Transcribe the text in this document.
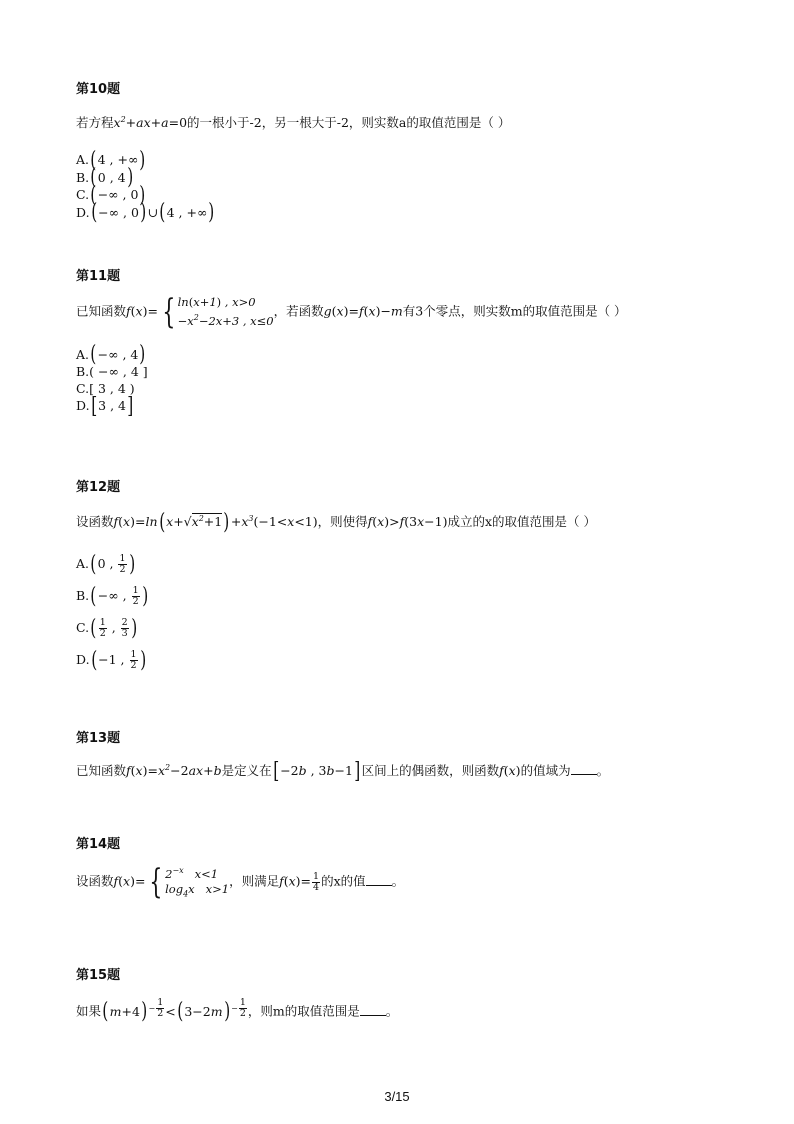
第10题
若方程$x^2+ax+a=0$的一根小于-2，另一根大于-2，则实数a的取值范围是（ ）
A.(4 , +∞)
B.(0 , 4)
C.(−∞ , 0)
D.(−∞ , 0)∪(4 , +∞)
第11题
已知函数f(x)= { ln(x+1) , x>0
$-x^2-2x+3$ , x≤0，若函数g(x)=f(x)−m有3个零点，则实数m的取值范围是（ ）
A.(−∞ , 4)
B.( −∞ , 4 ]
C.[ 3 , 4 )
D.[3 , 4]
第12题
设函数$f(x)=\ln(x+√x^2+1)+x^3(-1<x<1)$，则使得f(x)>f(3x−1)成立的x的取值范围是（ ）
A.(0 , $\frac{1}{2}$ )
B.(−∞ , $\frac{1}{2}$ )
$C.( \frac{1}{2}$ , $\frac{2}{3}$ )
D.(−1 , $\frac{1}{2}$ )
第13题
已知函数$f(x)=x^2-2ax+b$是定义在[−2b , 3b−1]区间上的偶函数，则函数f(x)的值域为 。
第14题
设函数f(x)= { $2^{-x}$   x<1
$\log_4x$   x>1，则满足$f(x)= \frac{1}{4}$ 的x的值 。
第15题
如果$(m+4)^{- \frac{1}{2}} <(3-2m)^{- \frac{1}{2}}$ ，则m的取值范围是 。
3/15
